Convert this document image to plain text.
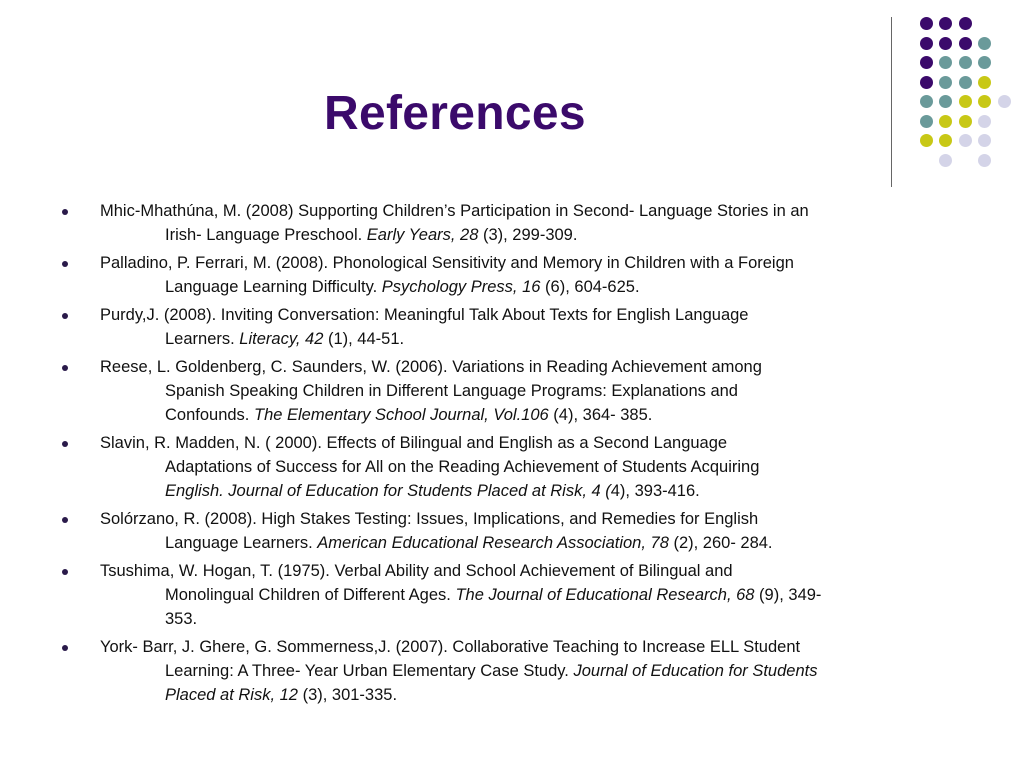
References
Mhic-Mhathúna, M. (2008) Supporting Children’s Participation in Second- Language Stories in an
Irish- Language Preschool. Early Years, 28 (3), 299-309.
Palladino, P. Ferrari, M. (2008). Phonological Sensitivity and Memory in Children with a Foreign
Language Learning Difficulty. Psychology Press, 16 (6), 604-625.
Purdy,J. (2008). Inviting Conversation: Meaningful Talk About Texts for English Language
Learners. Literacy, 42 (1), 44-51.
Reese, L. Goldenberg, C. Saunders, W. (2006). Variations in Reading Achievement among
Spanish Speaking Children in Different Language Programs: Explanations and
Confounds. The Elementary School Journal, Vol.106 (4), 364- 385.
Slavin, R. Madden, N. ( 2000). Effects of Bilingual and English as a Second Language
Adaptations of Success for All on the Reading Achievement of Students Acquiring
English. Journal of Education for Students Placed at Risk, 4 (4), 393-416.
Solórzano, R. (2008). High Stakes Testing: Issues, Implications, and Remedies for English
Language Learners. American Educational Research Association, 78 (2), 260- 284.
Tsushima, W. Hogan, T. (1975). Verbal Ability and School Achievement of Bilingual and
Monolingual Children of Different Ages. The Journal of Educational Research, 68 (9), 349-
353.
York- Barr, J. Ghere, G. Sommerness,J. (2007). Collaborative Teaching to Increase ELL Student
Learning: A Three- Year Urban Elementary Case Study. Journal of Education for Students
Placed at Risk, 12 (3), 301-335.
